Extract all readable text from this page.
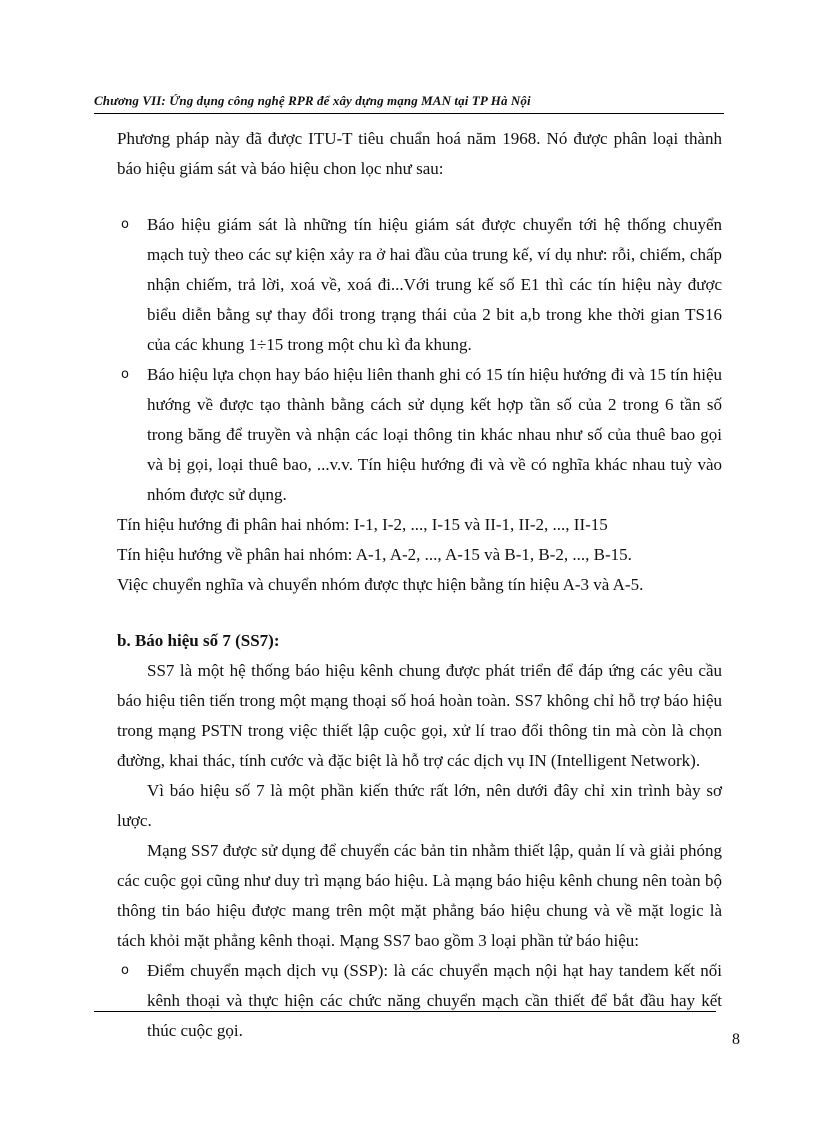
Chương VII: Ứng dụng công nghệ RPR để xây dựng mạng MAN tại TP Hà Nội

Phương pháp này đã được ITU-T tiêu chuẩn hoá năm 1968. Nó được phân loại thành báo hiệu giám sát và báo hiệu chon lọc như sau:

o Báo hiệu giám sát là những tín hiệu giám sát được chuyển tới hệ thống chuyển mạch tuỳ theo các sự kiện xảy ra ở hai đầu của trung kế, ví dụ như: rỗi, chiếm, chấp nhận chiếm, trả lời, xoá về, xoá đi...Với trung kế số E1 thì các tín hiệu này được biểu diễn bằng sự thay đổi trong trạng thái của 2 bit a,b trong khe thời gian TS16 của các khung 1÷15 trong một chu kì đa khung.
o Báo hiệu lựa chọn hay báo hiệu liên thanh ghi có 15 tín hiệu hướng đi và 15 tín hiệu hướng về được tạo thành bằng cách sử dụng kết hợp tần số của 2 trong 6 tần số trong băng để truyền và nhận các loại thông tin khác nhau như số của thuê bao gọi và bị gọi, loại thuê bao, ...v.v. Tín hiệu hướng đi và về có nghĩa khác nhau tuỳ vào nhóm được sử dụng.

Tín hiệu hướng đi phân hai nhóm: I-1, I-2, ..., I-15 và II-1, II-2, ..., II-15

Tín hiệu hướng về phân hai nhóm: A-1, A-2, ..., A-15 và B-1, B-2, ..., B-15.

Việc chuyển nghĩa và chuyển nhóm được thực hiện bằng tín hiệu A-3 và A-5.

b. Báo hiệu số 7 (SS7):

SS7 là một hệ thống báo hiệu kênh chung được phát triển để đáp ứng các yêu cầu báo hiệu tiên tiến trong một mạng thoại số hoá hoàn toàn. SS7 không chỉ hỗ trợ báo hiệu trong mạng PSTN trong việc thiết lập cuộc gọi, xử lí trao đổi thông tin mà còn là chọn đường, khai thác, tính cước và đặc biệt là hỗ trợ các dịch vụ IN (Intelligent Network).

Vì báo hiệu số 7 là một phần kiến thức rất lớn, nên dưới đây chỉ xin trình bày sơ lược.

Mạng SS7 được sử dụng để chuyển các bản tin nhằm thiết lập, quản lí và giải phóng các cuộc gọi cũng như duy trì mạng báo hiệu. Là mạng báo hiệu kênh chung nên toàn bộ thông tin báo hiệu được mang trên một mặt phẳng báo hiệu chung và về mặt logic là tách khỏi mặt phẳng kênh thoại. Mạng SS7 bao gồm 3 loại phần tử báo hiệu:

o Điểm chuyển mạch dịch vụ (SSP): là các chuyển mạch nội hạt hay tandem kết nối kênh thoại và thực hiện các chức năng chuyển mạch cần thiết để bắt đầu hay kết thúc cuộc gọi.	8
